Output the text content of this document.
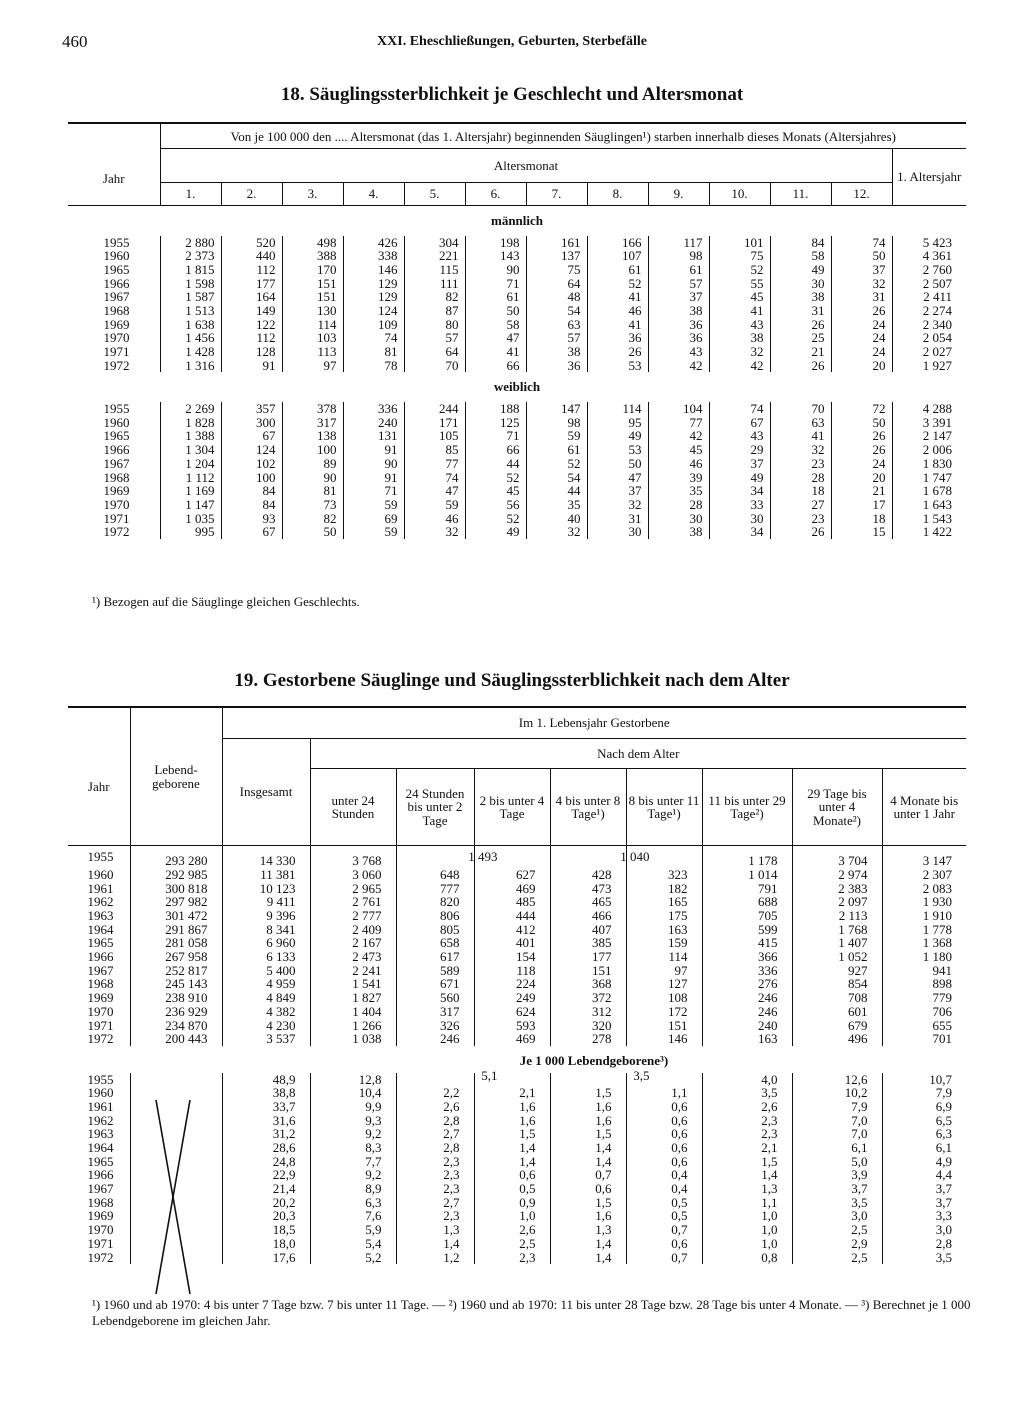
460	XXI. Eheschließungen, Geburten, Sterbefälle
18. Säuglingssterblichkeit je Geschlecht und Altersmonat
Jahr	Von je 100 000 den .... Altersmonat (das 1. Altersjahr) beginnenden Säuglingen¹) starben innerhalb dieses Monats (Altersjahres)												
	Altersmonat												1. Altersjahr
	1.	2.	3.	4.	5.	6.	7.	8.	9.	10.	11.	12.	
männlich													
1955	2 880	520	498	426	304	198	161	166	117	101	84	74	5 423
1960	2 373	440	388	338	221	143	137	107	98	75	58	50	4 361
1965	1 815	112	170	146	115	90	75	61	61	52	49	37	2 760
1966	1 598	177	151	129	111	71	64	52	57	55	30	32	2 507
1967	1 587	164	151	129	82	61	48	41	37	45	38	31	2 411
1968	1 513	149	130	124	87	50	54	46	38	41	31	26	2 274
1969	1 638	122	114	109	80	58	63	41	36	43	26	24	2 340
1970	1 456	112	103	74	57	47	57	36	36	38	25	24	2 054
1971	1 428	128	113	81	64	41	38	26	43	32	21	24	2 027
1972	1 316	91	97	78	70	66	36	53	42	42	26	20	1 927
weiblich													
1955	2 269	357	378	336	244	188	147	114	104	74	70	72	4 288
1960	1 828	300	317	240	171	125	98	95	77	67	63	50	3 391
1965	1 388	67	138	131	105	71	59	49	42	43	41	26	2 147
1966	1 304	124	100	91	85	66	61	53	45	29	32	26	2 006
1967	1 204	102	89	90	77	44	52	50	46	37	23	24	1 830
1968	1 112	100	90	91	74	52	54	47	39	49	28	20	1 747
1969	1 169	84	81	71	47	45	44	37	35	34	18	21	1 678
1970	1 147	84	73	59	59	56	35	32	28	33	27	17	1 643
1971	1 035	93	82	69	46	52	40	31	30	30	23	18	1 543
1972	995	67	50	59	32	49	32	30	38	34	26	15	1 422
¹) Bezogen auf die Säuglinge gleichen Geschlechts.
19. Gestorbene Säuglinge und Säuglingssterblichkeit nach dem Alter
Jahr	Lebend-geborene	Im 1. Lebensjahr Gestorbene								
		Insgesamt	Nach dem Alter							
			unter 24 Stunden	24 Stunden bis unter 2 Tage	2 bis unter 4 Tage	4 bis unter 8 Tage¹)	8 bis unter 11 Tage¹)	11 bis unter 29 Tage²)	29 Tage bis unter 4 Monate²)	4 Monate bis unter 1 Jahr
1955	293 280	14 330	3 768	1 493		1 040		1 178	3 704	3 147
1960	292 985	11 381	3 060	648	627	428	323	1 014	2 974	2 307
1961	300 818	10 123	2 965	777	469	473	182	791	2 383	2 083
1962	297 982	9 411	2 761	820	485	465	165	688	2 097	1 930
1963	301 472	9 396	2 777	806	444	466	175	705	2 113	1 910
1964	291 867	8 341	2 409	805	412	407	163	599	1 768	1 778
1965	281 058	6 960	2 167	658	401	385	159	415	1 407	1 368
1966	267 958	6 133	2 473	617	154	177	114	366	1 052	1 180
1967	252 817	5 400	2 241	589	118	151	97	336	927	941
1968	245 143	4 959	1 541	671	224	368	127	276	854	898
1969	238 910	4 849	1 827	560	249	372	108	246	708	779
1970	236 929	4 382	1 404	317	624	312	172	246	601	706
1971	234 870	4 230	1 266	326	593	320	151	240	679	655
1972	200 443	3 537	1 038	246	469	278	146	163	496	701
		Je 1 000 Lebendgeborene³)								
1955		48,9	12,8	5,1		3,5		4,0	12,6	10,7
1960		38,8	10,4	2,2	2,1	1,5	1,1	3,5	10,2	7,9
1961		33,7	9,9	2,6	1,6	1,6	0,6	2,6	7,9	6,9
1962		31,6	9,3	2,8	1,6	1,6	0,6	2,3	7,0	6,5
1963		31,2	9,2	2,7	1,5	1,5	0,6	2,3	7,0	6,3
1964		28,6	8,3	2,8	1,4	1,4	0,6	2,1	6,1	6,1
1965		24,8	7,7	2,3	1,4	1,4	0,6	1,5	5,0	4,9
1966		22,9	9,2	2,3	0,6	0,7	0,4	1,4	3,9	4,4
1967		21,4	8,9	2,3	0,5	0,6	0,4	1,3	3,7	3,7
1968		20,2	6,3	2,7	0,9	1,5	0,5	1,1	3,5	3,7
1969		20,3	7,6	2,3	1,0	1,6	0,5	1,0	3,0	3,3
1970		18,5	5,9	1,3	2,6	1,3	0,7	1,0	2,5	3,0
1971		18,0	5,4	1,4	2,5	1,4	0,6	1,0	2,9	2,8
1972		17,6	5,2	1,2	2,3	1,4	0,7	0,8	2,5	3,5
¹) 1960 und ab 1970: 4 bis unter 7 Tage bzw. 7 bis unter 11 Tage. — ²) 1960 und ab 1970: 11 bis unter 28 Tage bzw. 28 Tage bis unter 4 Monate. — ³) Berechnet je 1 000 Lebendgeborene im gleichen Jahr.
